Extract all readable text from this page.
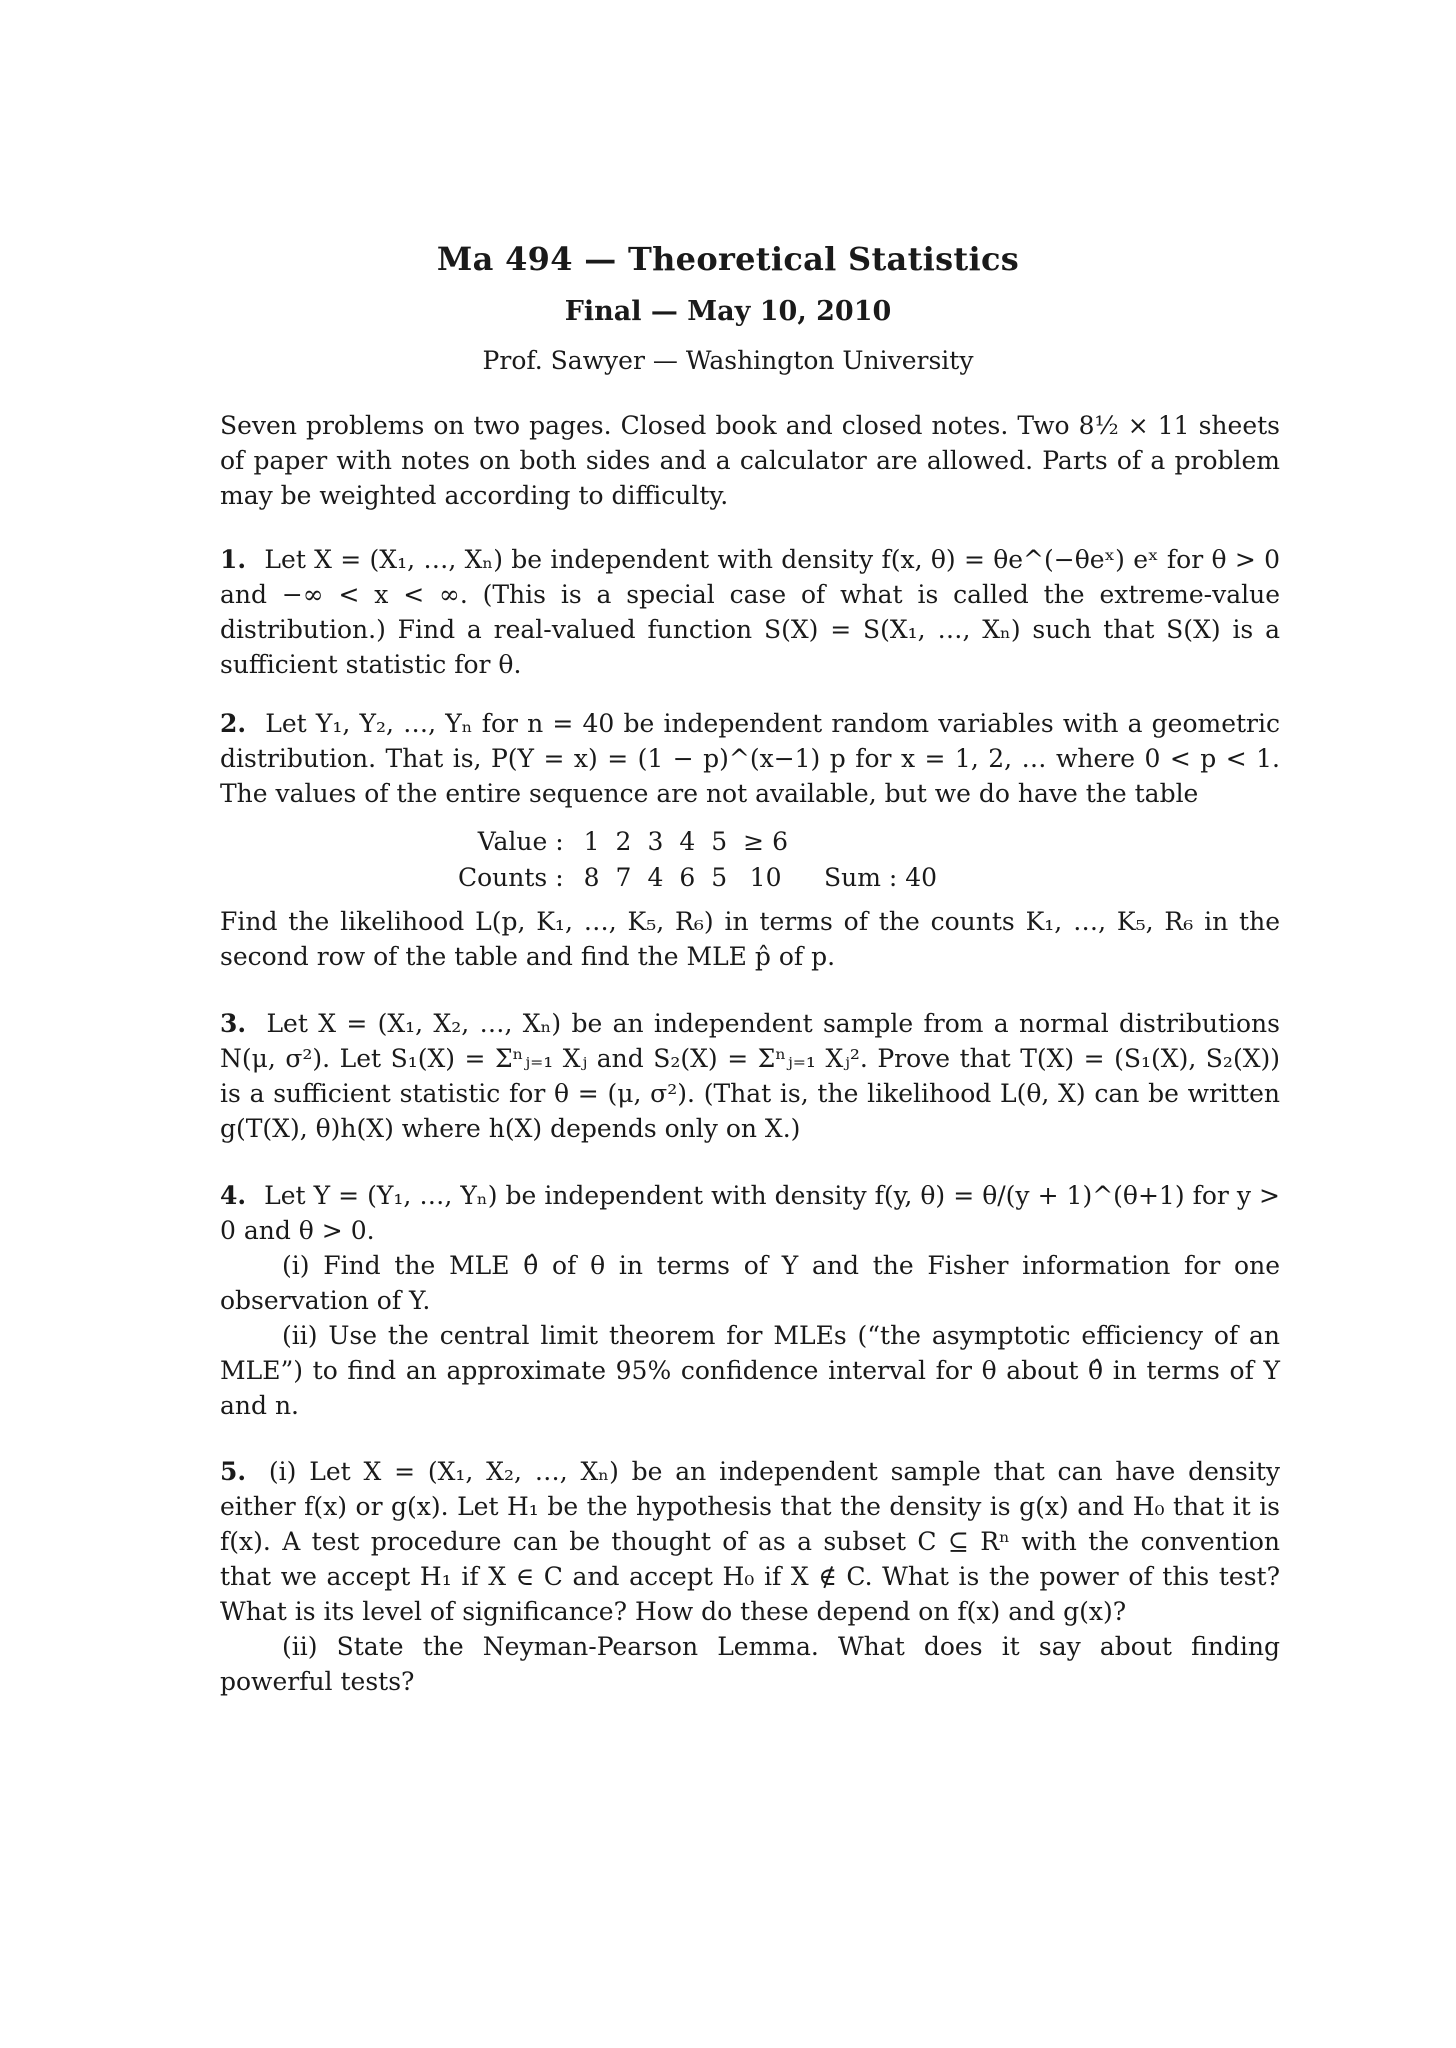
Ma 494 — Theoretical Statistics
Final — May 10, 2010
Prof. Sawyer — Washington University

Seven problems on two pages. Closed book and closed notes. Two 8½ × 11 sheets of paper with notes on both sides and a calculator are allowed. Parts of a problem may be weighted according to difficulty.

1. Let X = (X₁, …, Xₙ) be independent with density f(x, θ) = θe^(−θeˣ) eˣ for θ > 0 and −∞ < x < ∞. (This is a special case of what is called the extreme-value distribution.) Find a real-valued function S(X) = S(X₁, …, Xₙ) such that S(X) is a sufficient statistic for θ.

2. Let Y₁, Y₂, …, Yₙ for n = 40 be independent random variables with a geometric distribution. That is, P(Y = x) = (1 − p)^(x−1) p for x = 1, 2, … where 0 < p < 1. The values of the entire sequence are not available, but we do have the table

Value :	1	2	3	4	5	≥ 6	
Counts :	8	7	4	6	5	10	Sum : 40

Find the likelihood L(p, K₁, …, K₅, R₆) in terms of the counts K₁, …, K₅, R₆ in the second row of the table and find the MLE p̂ of p.

3. Let X = (X₁, X₂, …, Xₙ) be an independent sample from a normal distributions N(μ, σ²). Let S₁(X) = Σⁿⱼ₌₁ Xⱼ and S₂(X) = Σⁿⱼ₌₁ Xⱼ². Prove that T(X) = (S₁(X), S₂(X)) is a sufficient statistic for θ = (μ, σ²). (That is, the likelihood L(θ, X) can be written g(T(X), θ)h(X) where h(X) depends only on X.)

4. Let Y = (Y₁, …, Yₙ) be independent with density f(y, θ) = θ/(y + 1)^(θ+1) for y > 0 and θ > 0.

(i) Find the MLE θ̂ of θ in terms of Y and the Fisher information for one observation of Y.

(ii) Use the central limit theorem for MLEs (“the asymptotic efficiency of an MLE”) to find an approximate 95% confidence interval for θ about θ̂ in terms of Y and n.

5. (i) Let X = (X₁, X₂, …, Xₙ) be an independent sample that can have density either f(x) or g(x). Let H₁ be the hypothesis that the density is g(x) and H₀ that it is f(x). A test procedure can be thought of as a subset C ⊆ Rⁿ with the convention that we accept H₁ if X ∈ C and accept H₀ if X ∉ C. What is the power of this test? What is its level of significance? How do these depend on f(x) and g(x)?

(ii) State the Neyman-Pearson Lemma. What does it say about finding powerful tests?
